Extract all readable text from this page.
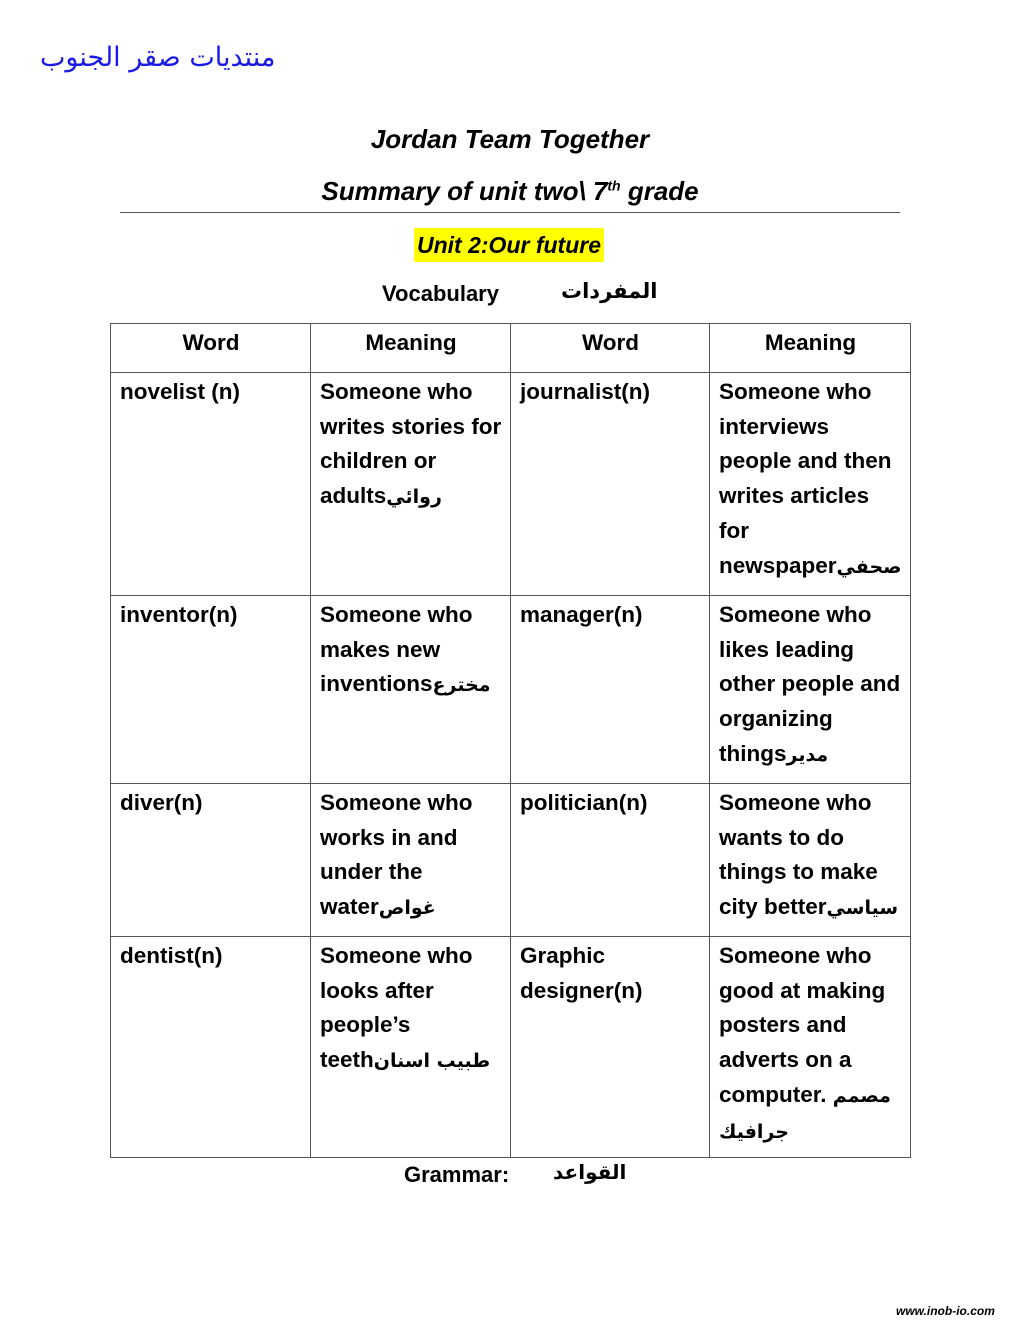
منتديات صقر الجنوب
Jordan Team Together
Summary of unit two\ 7th grade
Unit 2:Our future
Vocabulary	المفردات
Word	Meaning	Word	Meaning
novelist (n)	Someone who writes stories for children or adultsروائي	journalist(n)	Someone who interviews people and then writes articles for newspaperصحفي
inventor(n)	Someone who makes new inventionsمخترع	manager(n)	Someone who likes leading other people and organizing thingsمدير
diver(n)	Someone who works in and under the waterغواص	politician(n)	Someone who wants to do things to make city betterسياسي
dentist(n)	Someone who looks after people’s teethطبيب اسنان	Graphic designer(n)	Someone who good at making posters and adverts on a computer. مصمم جرافيك
Grammar: القواعد
www.inob-io.com
